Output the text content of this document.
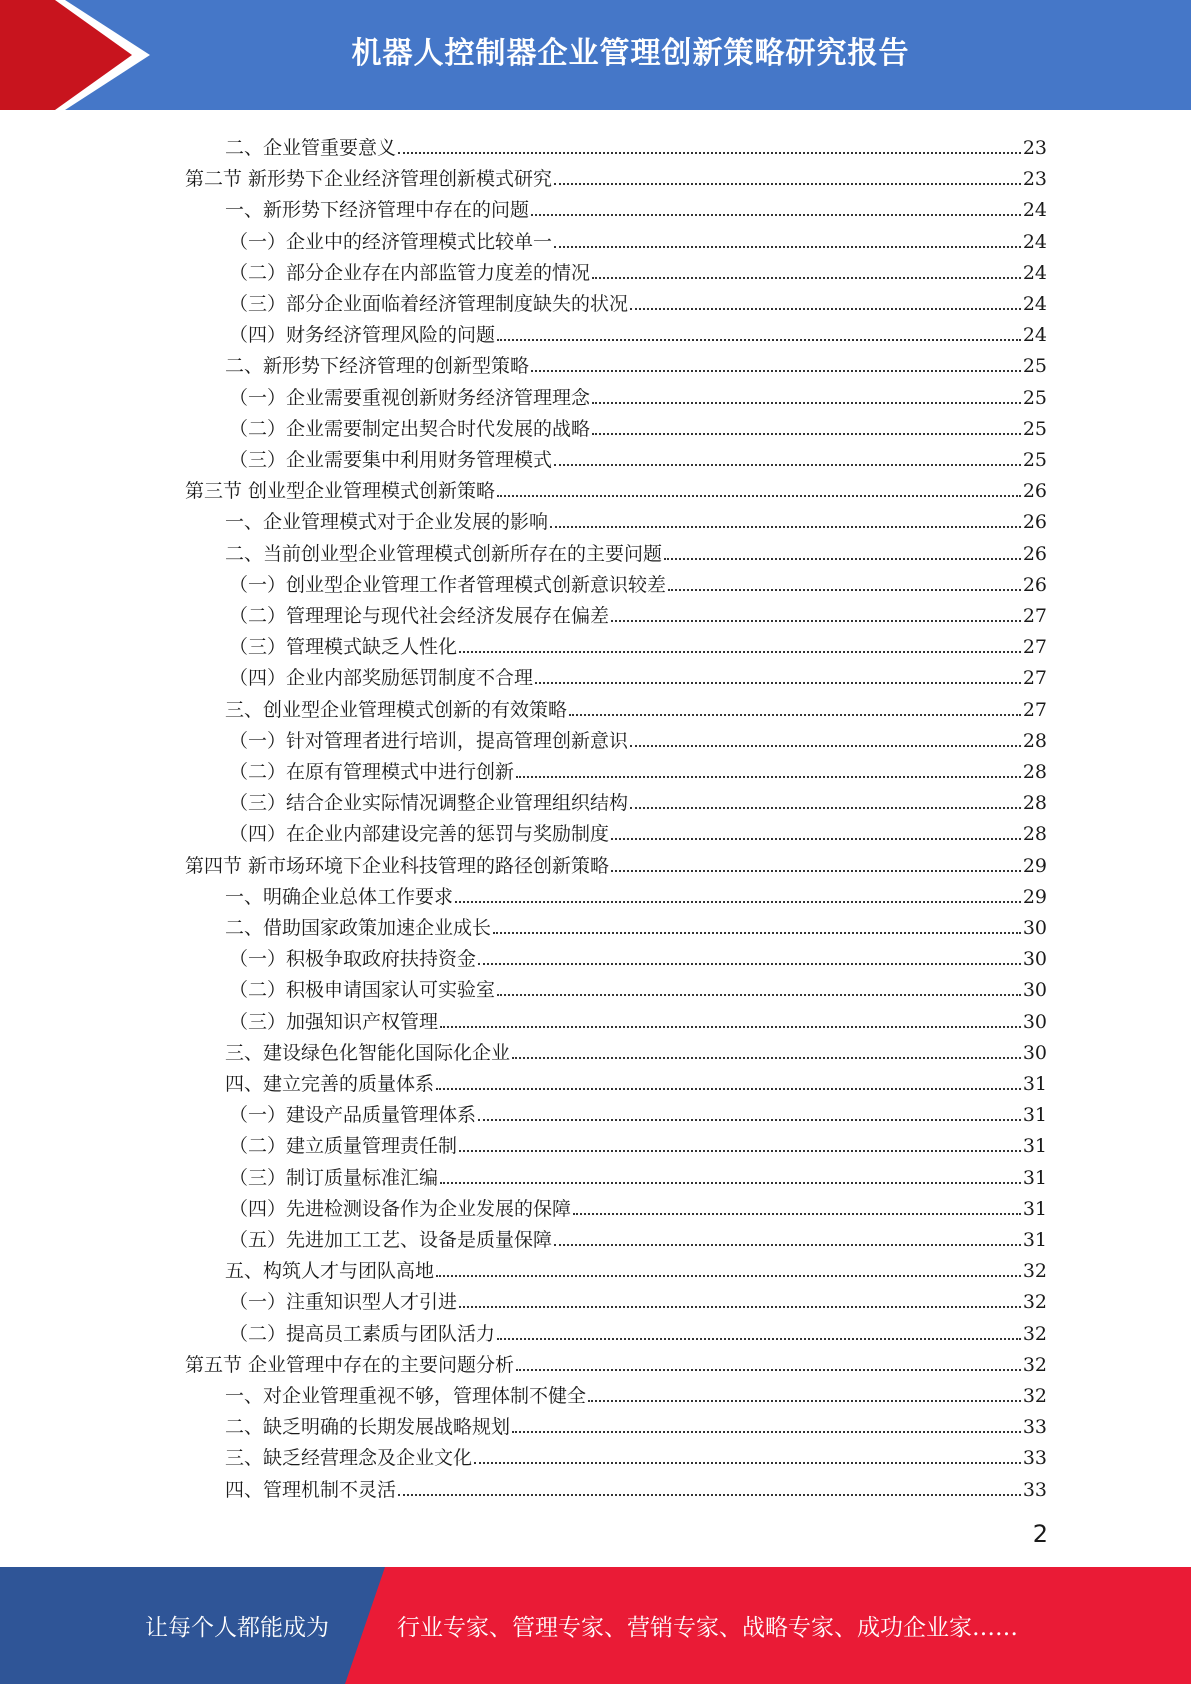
机器人控制器企业管理创新策略研究报告
二、企业管重要意义	23
第二节 新形势下企业经济管理创新模式研究	23
一、新形势下经济管理中存在的问题	24
（一）企业中的经济管理模式比较单一	24
（二）部分企业存在内部监管力度差的情况	24
（三）部分企业面临着经济管理制度缺失的状况	24
（四）财务经济管理风险的问题	24
二、新形势下经济管理的创新型策略	25
（一）企业需要重视创新财务经济管理理念	25
（二）企业需要制定出契合时代发展的战略	25
（三）企业需要集中利用财务管理模式	25
第三节 创业型企业管理模式创新策略	26
一、企业管理模式对于企业发展的影响	26
二、当前创业型企业管理模式创新所存在的主要问题	26
（一）创业型企业管理工作者管理模式创新意识较差	26
（二）管理理论与现代社会经济发展存在偏差	27
（三）管理模式缺乏人性化	27
（四）企业内部奖励惩罚制度不合理	27
三、创业型企业管理模式创新的有效策略	27
（一）针对管理者进行培训，提高管理创新意识	28
（二）在原有管理模式中进行创新	28
（三）结合企业实际情况调整企业管理组织结构	28
（四）在企业内部建设完善的惩罚与奖励制度	28
第四节 新市场环境下企业科技管理的路径创新策略	29
一、明确企业总体工作要求	29
二、借助国家政策加速企业成长	30
（一）积极争取政府扶持资金	30
（二）积极申请国家认可实验室	30
（三）加强知识产权管理	30
三、建设绿色化智能化国际化企业	30
四、建立完善的质量体系	31
（一）建设产品质量管理体系	31
（二）建立质量管理责任制	31
（三）制订质量标准汇编	31
（四）先进检测设备作为企业发展的保障	31
（五）先进加工工艺、设备是质量保障	31
五、构筑人才与团队高地	32
（一）注重知识型人才引进	32
（二）提高员工素质与团队活力	32
第五节 企业管理中存在的主要问题分析	32
一、对企业管理重视不够，管理体制不健全	32
二、缺乏明确的长期发展战略规划	33
三、缺乏经营理念及企业文化	33
四、管理机制不灵活	33
2
让每个人都能成为	行业专家、管理专家、营销专家、战略专家、成功企业家……
